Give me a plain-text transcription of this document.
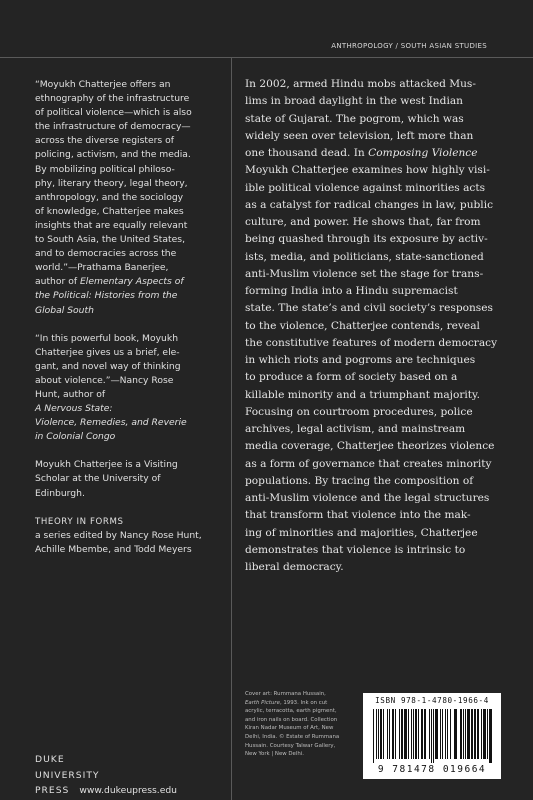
ANTHROPOLOGY / SOUTH ASIAN STUDIES
“Moyukh Chatterjee offers an
ethnography of the infrastructure
of political violence—which is also
the infrastructure of democracy—
across the diverse registers of
policing, activism, and the media.
By mobilizing political philoso-
phy, literary theory, legal theory,
anthropology, and the sociology
of knowledge, Chatterjee makes
insights that are equally relevant
to South Asia, the United States,
and to democracies across the

world.”—Prathama Banerjee,
author of Elementary Aspects of
the Political: Histories from the
Global South

“In this powerful book, Moyukh
Chatterjee gives us a brief, ele-
gant, and novel way of thinking
about violence.”—Nancy Rose
Hunt, author of

A Nervous State:
Violence, Remedies, and Reverie
in Colonial Congo

Moyukh Chatterjee is a Visiting
Scholar at the University of
Edinburgh.

THEORY IN FORMS

a series edited by Nancy Rose Hunt,
Achille Mbembe, and Todd Meyers
DUKE
UNIVERSITY
PRESS www.dukeupress.edu
In 2002, armed Hindu mobs attacked Mus-
lims in broad daylight in the west Indian
state of Gujarat. The pogrom, which was
widely seen over television, left more than
one thousand dead. In Composing Violence
Moyukh Chatterjee examines how highly visi-
ible political violence against minorities acts
as a catalyst for radical changes in law, public
culture, and power. He shows that, far from
being quashed through its exposure by activ-
ists, media, and politicians, state-sanctioned
anti-Muslim violence set the stage for trans-
forming India into a Hindu supremacist
state. The state’s and civil society’s responses
to the violence, Chatterjee contends, reveal
the constitutive features of modern democracy
in which riots and pogroms are techniques
to produce a form of society based on a
killable minority and a triumphant majority.
Focusing on courtroom procedures, police
archives, legal activism, and mainstream
media coverage, Chatterjee theorizes violence
as a form of governance that creates minority
populations. By tracing the composition of
anti-Muslim violence and the legal structures
that transform that violence into the mak-
ing of minorities and majorities, Chatterjee
demonstrates that violence is intrinsic to
liberal democracy.
Cover art: Rummana Hussain,
Earth Picture, 1993. Ink on cut
acrylic, terracotta, earth pigment,
and iron nails on board. Collection
Kiran Nadar Museum of Art, New
Delhi, India. © Estate of Rummana
Hussain. Courtesy Talwar Gallery,
New York | New Delhi.
ISBN 978-1-4780-1966-4
9 781478 019664
